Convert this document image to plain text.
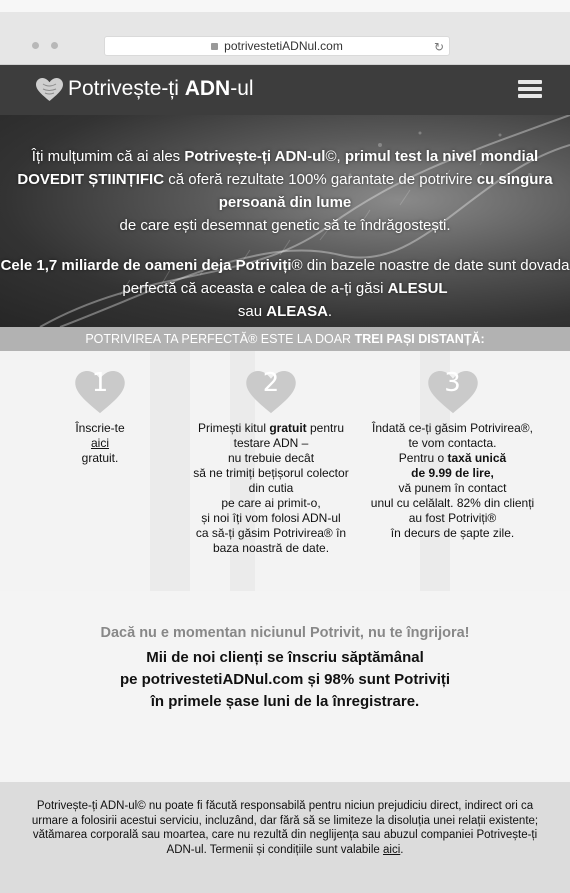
potrivestetiADNul.com	↻
Potrivește-ți ADN-ul
Îți mulțumim că ai ales Potrivește-ți ADN-ul©, primul test la nivel mondial
DOVEDIT ȘTIINȚIFIC că oferă rezultate 100% garantate de potrivire cu singura persoană din lume
de care ești desemnat genetic să te îndrăgostești.
Cele 1,7 miliarde de oameni deja Potriviți® din bazele noastre de date sunt dovada perfectă că aceasta e calea de a-ți găsi ALESUL
sau ALEASA.
POTRIVIREA TA PERFECTĂ® ESTE LA DOAR TREI PAȘI DISTANȚĂ:
1
Înscrie-te
aici
gratuit.
2
Primești kitul gratuit pentru
testare ADN –
nu trebuie decât
să ne trimiți bețișorul colector
din cutia
pe care ai primit-o,
și noi îți vom folosi ADN-ul
ca să-ți găsim Potrivirea® în
baza noastră de date.
3
Îndată ce-ți găsim Potrivirea®,
te vom contacta.
Pentru o taxă unică
de 9.99 de lire,
vă punem în contact
unul cu celălalt. 82% din clienți
au fost Potriviți®
în decurs de șapte zile.
Dacă nu e momentan niciunul Potrivit, nu te îngrijora!
Mii de noi clienți se înscriu săptămânal
pe potrivestetiADNul.com și 98% sunt Potriviți
în primele șase luni de la înregistrare.
Potrivește-ți ADN-ul© nu poate fi făcută responsabilă pentru niciun prejudiciu direct, indirect ori ca urmare a folosirii acestui serviciu, incluzând, dar fără să se limiteze la disoluția unei relații existente; vătămarea corporală sau moartea, care nu rezultă din neglijența sau abuzul companiei Potrivește-ți ADN-ul. Termenii și condițiile sunt valabile aici.
